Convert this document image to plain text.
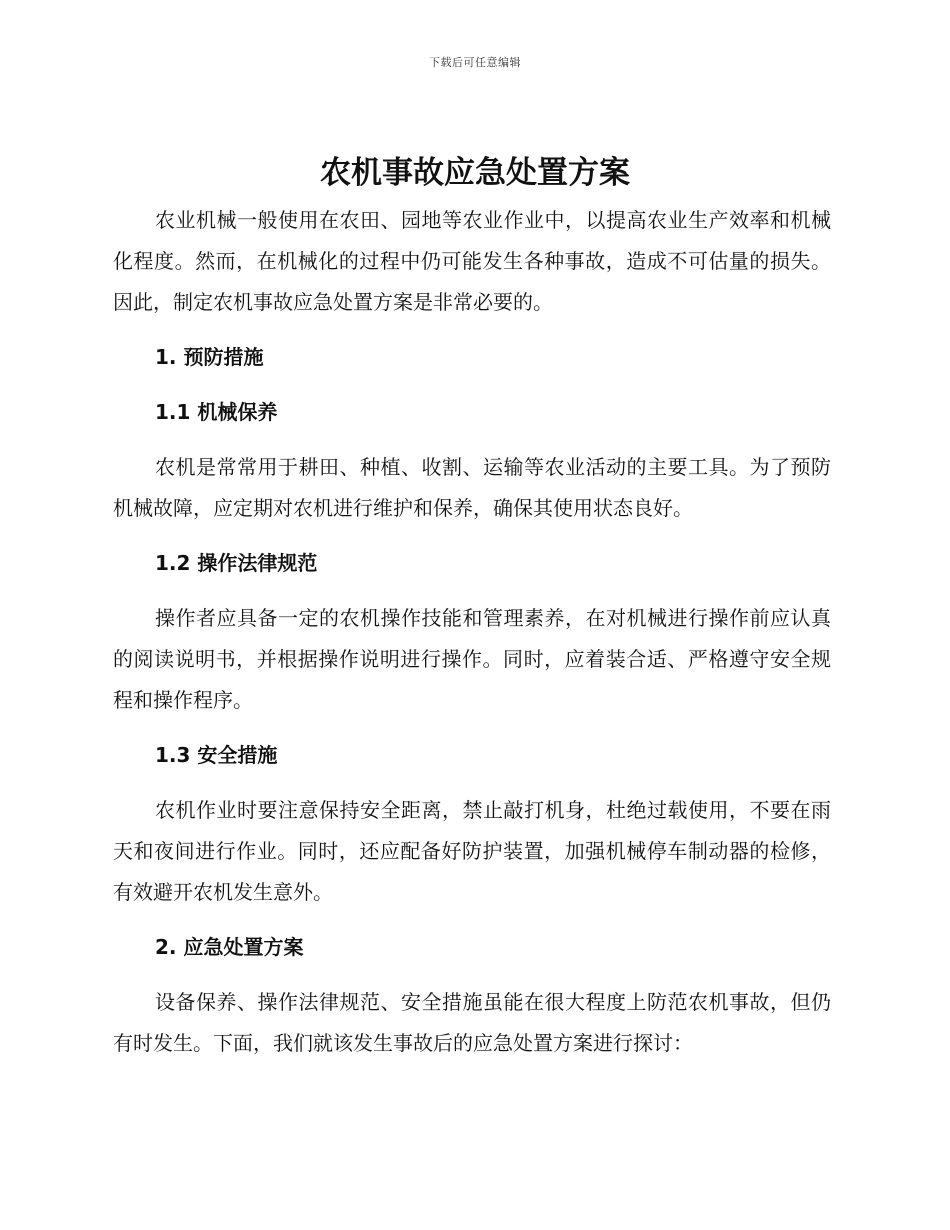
下载后可任意编辑
农机事故应急处置方案

农业机械一般使用在农田、园地等农业作业中，以提高农业生产效率和机械化程度。然而，在机械化的过程中仍可能发生各种事故，造成不可估量的损失。因此，制定农机事故应急处置方案是非常必要的。

1. 预防措施

1.1 机械保养

农机是常常用于耕田、种植、收割、运输等农业活动的主要工具。为了预防机械故障，应定期对农机进行维护和保养，确保其使用状态良好。

1.2 操作法律规范

操作者应具备一定的农机操作技能和管理素养，在对机械进行操作前应认真的阅读说明书，并根据操作说明进行操作。同时，应着装合适、严格遵守安全规程和操作程序。

1.3 安全措施

农机作业时要注意保持安全距离，禁止敲打机身，杜绝过载使用，不要在雨天和夜间进行作业。同时，还应配备好防护装置，加强机械停车制动器的检修，有效避开农机发生意外。

2. 应急处置方案

设备保养、操作法律规范、安全措施虽能在很大程度上防范农机事故，但仍有时发生。下面，我们就该发生事故后的应急处置方案进行探讨：
